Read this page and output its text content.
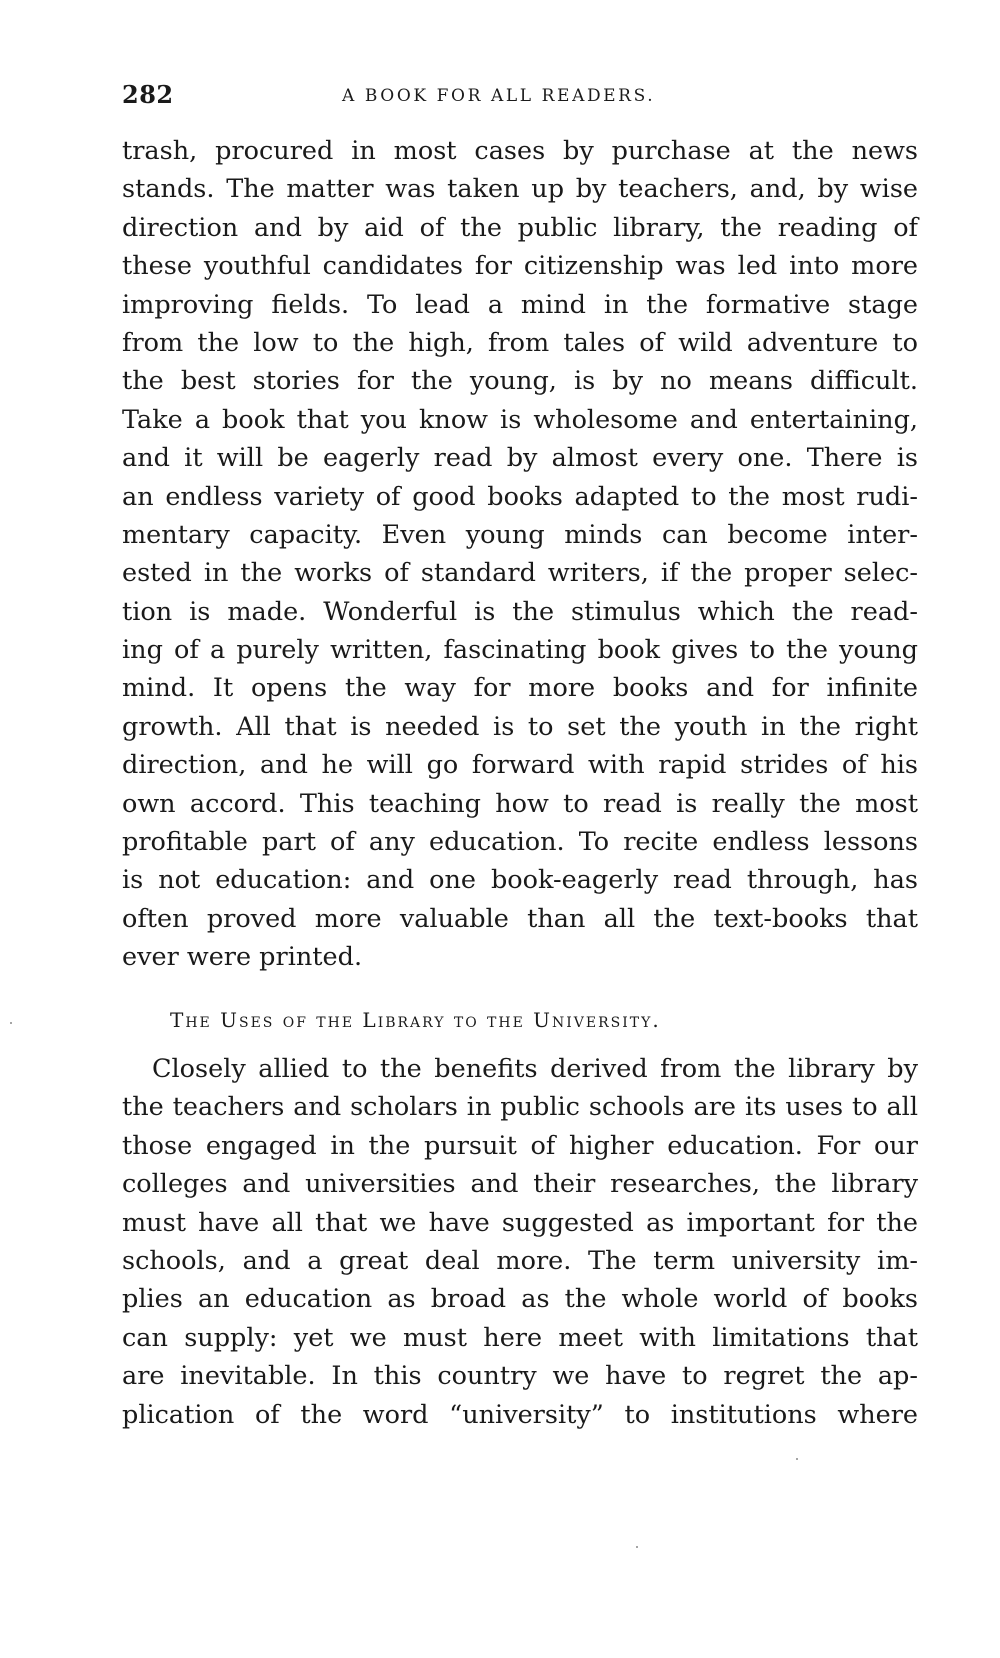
282	A BOOK FOR ALL READERS.
trash, procured in most cases by purchase at the news
stands. The matter was taken up by teachers, and, by wise
direction and by aid of the public library, the reading of
these youthful candidates for citizenship was led into more
improving fields. To lead a mind in the formative stage
from the low to the high, from tales of wild adventure to
the best stories for the young, is by no means difficult.
Take a book that you know is wholesome and entertaining,
and it will be eagerly read by almost every one. There is
an endless variety of good books adapted to the most rudi-
mentary capacity. Even young minds can become inter-
ested in the works of standard writers, if the proper selec-
tion is made. Wonderful is the stimulus which the read-
ing of a purely written, fascinating book gives to the young
mind. It opens the way for more books and for infinite
growth. All that is needed is to set the youth in the right
direction, and he will go forward with rapid strides of his
own accord. This teaching how to read is really the most
profitable part of any education. To recite endless lessons
is not education: and one book-eagerly read through, has
often proved more valuable than all the text-books that
ever were printed.
The Uses of the Library to the University.
Closely allied to the benefits derived from the library by
the teachers and scholars in public schools are its uses to all
those engaged in the pursuit of higher education. For our
colleges and universities and their researches, the library
must have all that we have suggested as important for the
schools, and a great deal more. The term university im-
plies an education as broad as the whole world of books
can supply: yet we must here meet with limitations that
are inevitable. In this country we have to regret the ap-
plication of the word “university” to institutions where
